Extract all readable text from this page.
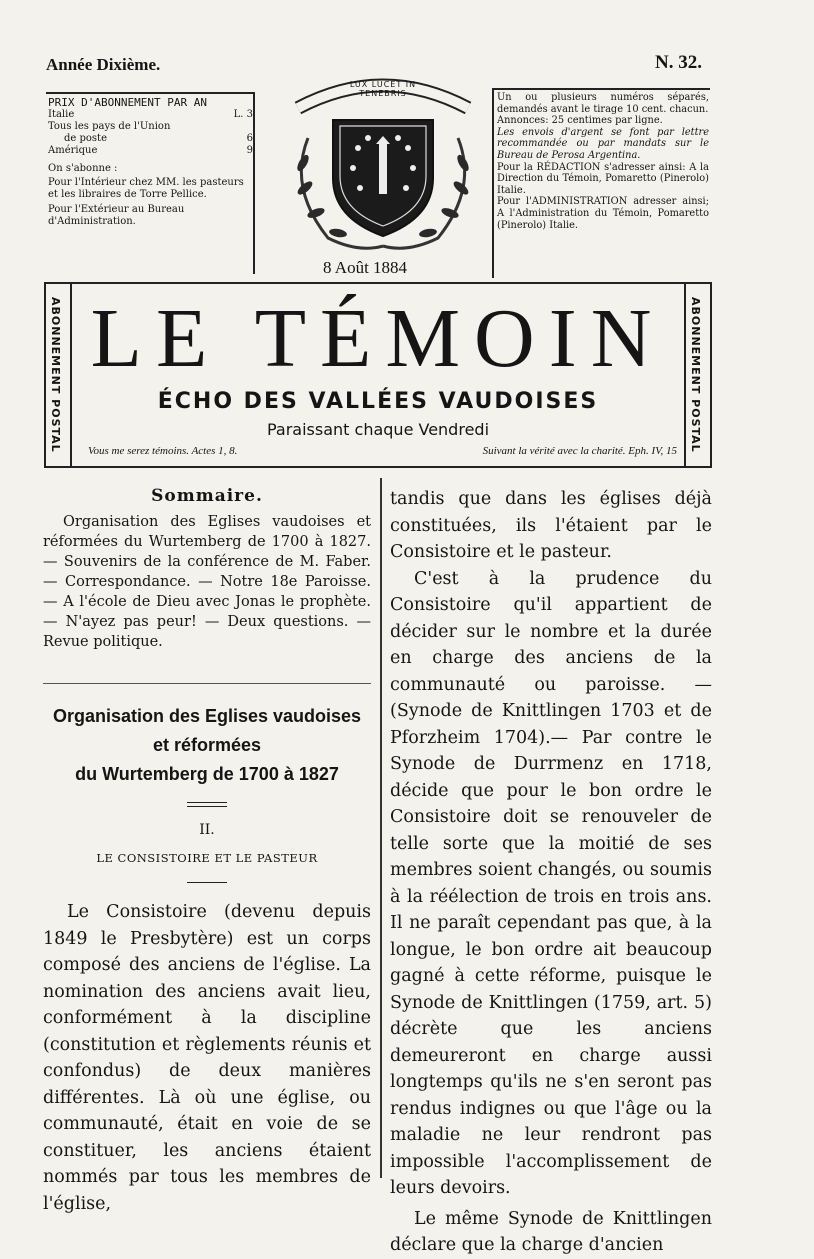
Année Dixième.	N. 32.
PRIX D'ABONNEMENT PAR AN
Italie	L. 3
Tous les pays de l'Union
de poste	6
Amérique	9
On s'abonne :
Pour l'Intérieur chez MM. les pasteurs et les libraires de Torre Pellice.
Pour l'Extérieur au Bureau d'Administration.
LUX LUCET IN TENEBRIS
8 Août 1884
Un ou plusieurs numéros séparés, demandés avant le tirage 10 cent. chacun.
Annonces: 25 centimes par ligne.
Les envois d'argent se font par lettre recommandée ou par mandats sur le Bureau de Perosa Argentina.
Pour la RÉDACTION s'adresser ainsi: A la Direction du Témoin, Pomaretto (Pinerolo) Italie.
Pour l'ADMINISTRATION adresser ainsi; A l'Administration du Témoin, Pomaretto (Pinerolo) Italie.
ABONNEMENT POSTAL	ABONNEMENT POSTAL
LE TÉMOIN
ÉCHO DES VALLÉES VAUDOISES
Paraissant chaque Vendredi
Vous me serez témoins. Actes 1, 8.	Suivant la vérité avec la charité. Eph. IV, 15
Sommaire.
Organisation des Eglises vaudoises et réformées du Wurtemberg de 1700 à 1827. — Souvenirs de la conférence de M. Faber. — Correspondance. — Notre 18e Paroisse. — A l'école de Dieu avec Jonas le prophète. — N'ayez pas peur! — Deux questions. — Revue politique.
Organisation des Eglises vaudoises
et réformées
du Wurtemberg de 1700 à 1827
II.
LE CONSISTOIRE ET LE PASTEUR

Le Consistoire (devenu depuis 1849 le Presbytère) est un corps composé des anciens de l'église. La nomination des anciens avait lieu, conformément à la discipline (constitution et règlements réunis et confondus) de deux manières différentes. Là où une église, ou communauté, était en voie de se constituer, les anciens étaient nommés par tous les membres de l'église,

tandis que dans les églises déjà constituées, ils l'étaient par le Consistoire et le pasteur.

C'est à la prudence du Consistoire qu'il appartient de décider sur le nombre et la durée en charge des anciens de la communauté ou paroisse. —(Synode de Knittlingen 1703 et de Pforzheim 1704).— Par contre le Synode de Durrmenz en 1718, décide que pour le bon ordre le Consistoire doit se renouveler de telle sorte que la moitié de ses membres soient changés, ou soumis à la réélection de trois en trois ans. Il ne paraît cependant pas que, à la longue, le bon ordre ait beaucoup gagné à cette réforme, puisque le Synode de Knittlingen (1759, art. 5) décrète que les anciens demeureront en charge aussi longtemps qu'ils ne s'en seront pas rendus indignes ou que l'âge ou la maladie ne leur rendront pas impossible l'accomplissement de leurs devoirs.

Le même Synode de Knittlingen déclare que la charge d'ancien
